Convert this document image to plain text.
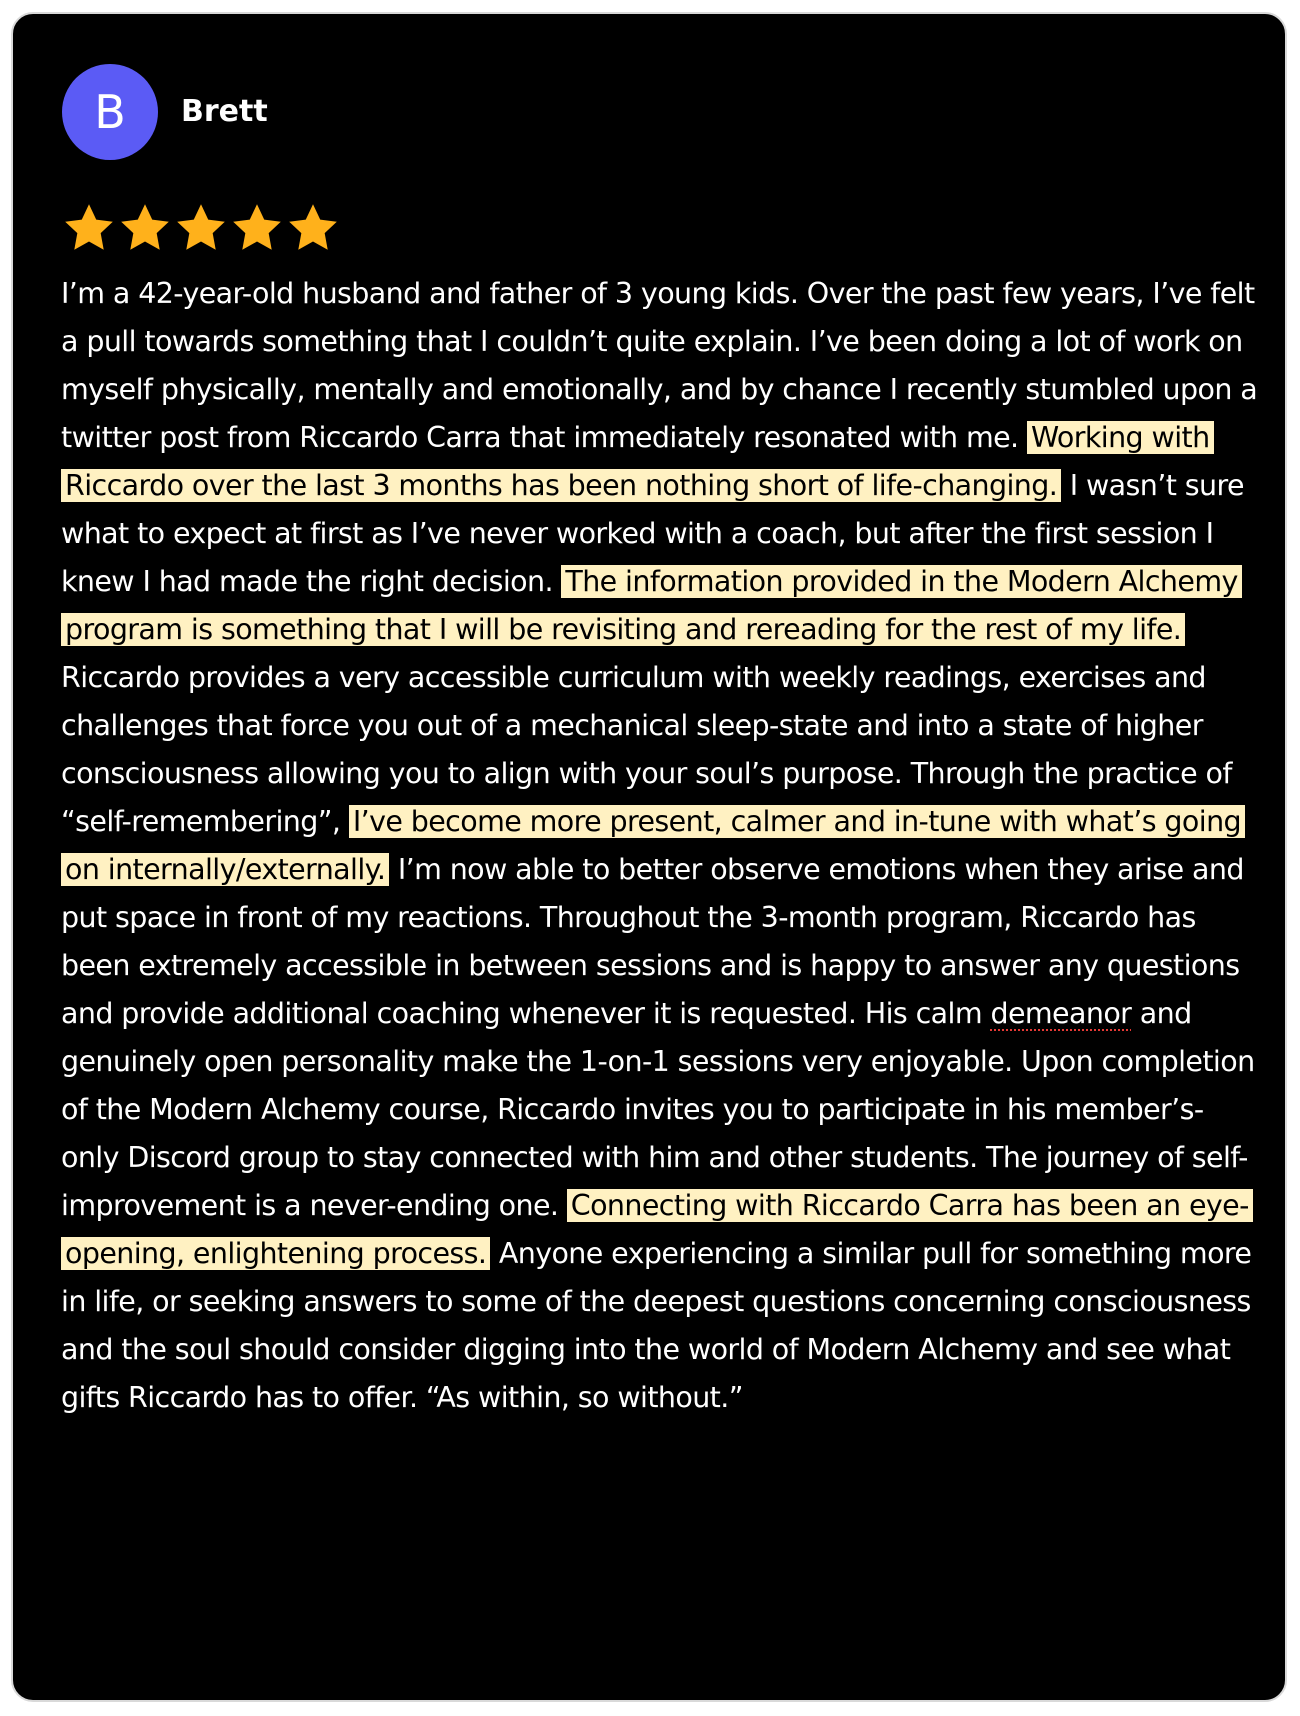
B	Brett

I’m a 42-year-old husband and father of 3 young kids. Over the past few years, I’ve felt a pull towards something that I couldn’t quite explain. I’ve been doing a lot of work on myself physically, mentally and emotionally, and by chance I recently stumbled upon a twitter post from Riccardo Carra that immediately resonated with me. Working with Riccardo over the last 3 months has been nothing short of life-changing. I wasn’t sure what to expect at first as I’ve never worked with a coach, but after the first session I knew I had made the right decision. The information provided in the Modern Alchemy program is something that I will be revisiting and rereading for the rest of my life. Riccardo provides a very accessible curriculum with weekly readings, exercises and challenges that force you out of a mechanical sleep-state and into a state of higher consciousness allowing you to align with your soul’s purpose. Through the practice of “self-remembering”, I’ve become more present, calmer and in-tune with what’s going on internally/externally. I’m now able to better observe emotions when they arise and put space in front of my reactions. Throughout the 3-month program, Riccardo has been extremely accessible in between sessions and is happy to answer any questions and provide additional coaching whenever it is requested. His calm demeanor and genuinely open personality make the 1-on-1 sessions very enjoyable. Upon completion of the Modern Alchemy course, Riccardo invites you to participate in his member’s-only Discord group to stay connected with him and other students. The journey of self-improvement is a never-ending one. Connecting with Riccardo Carra has been an eye-opening, enlightening process. Anyone experiencing a similar pull for something more in life, or seeking answers to some of the deepest questions concerning consciousness and the soul should consider digging into the world of Modern Alchemy and see what gifts Riccardo has to offer. “As within, so without.”
